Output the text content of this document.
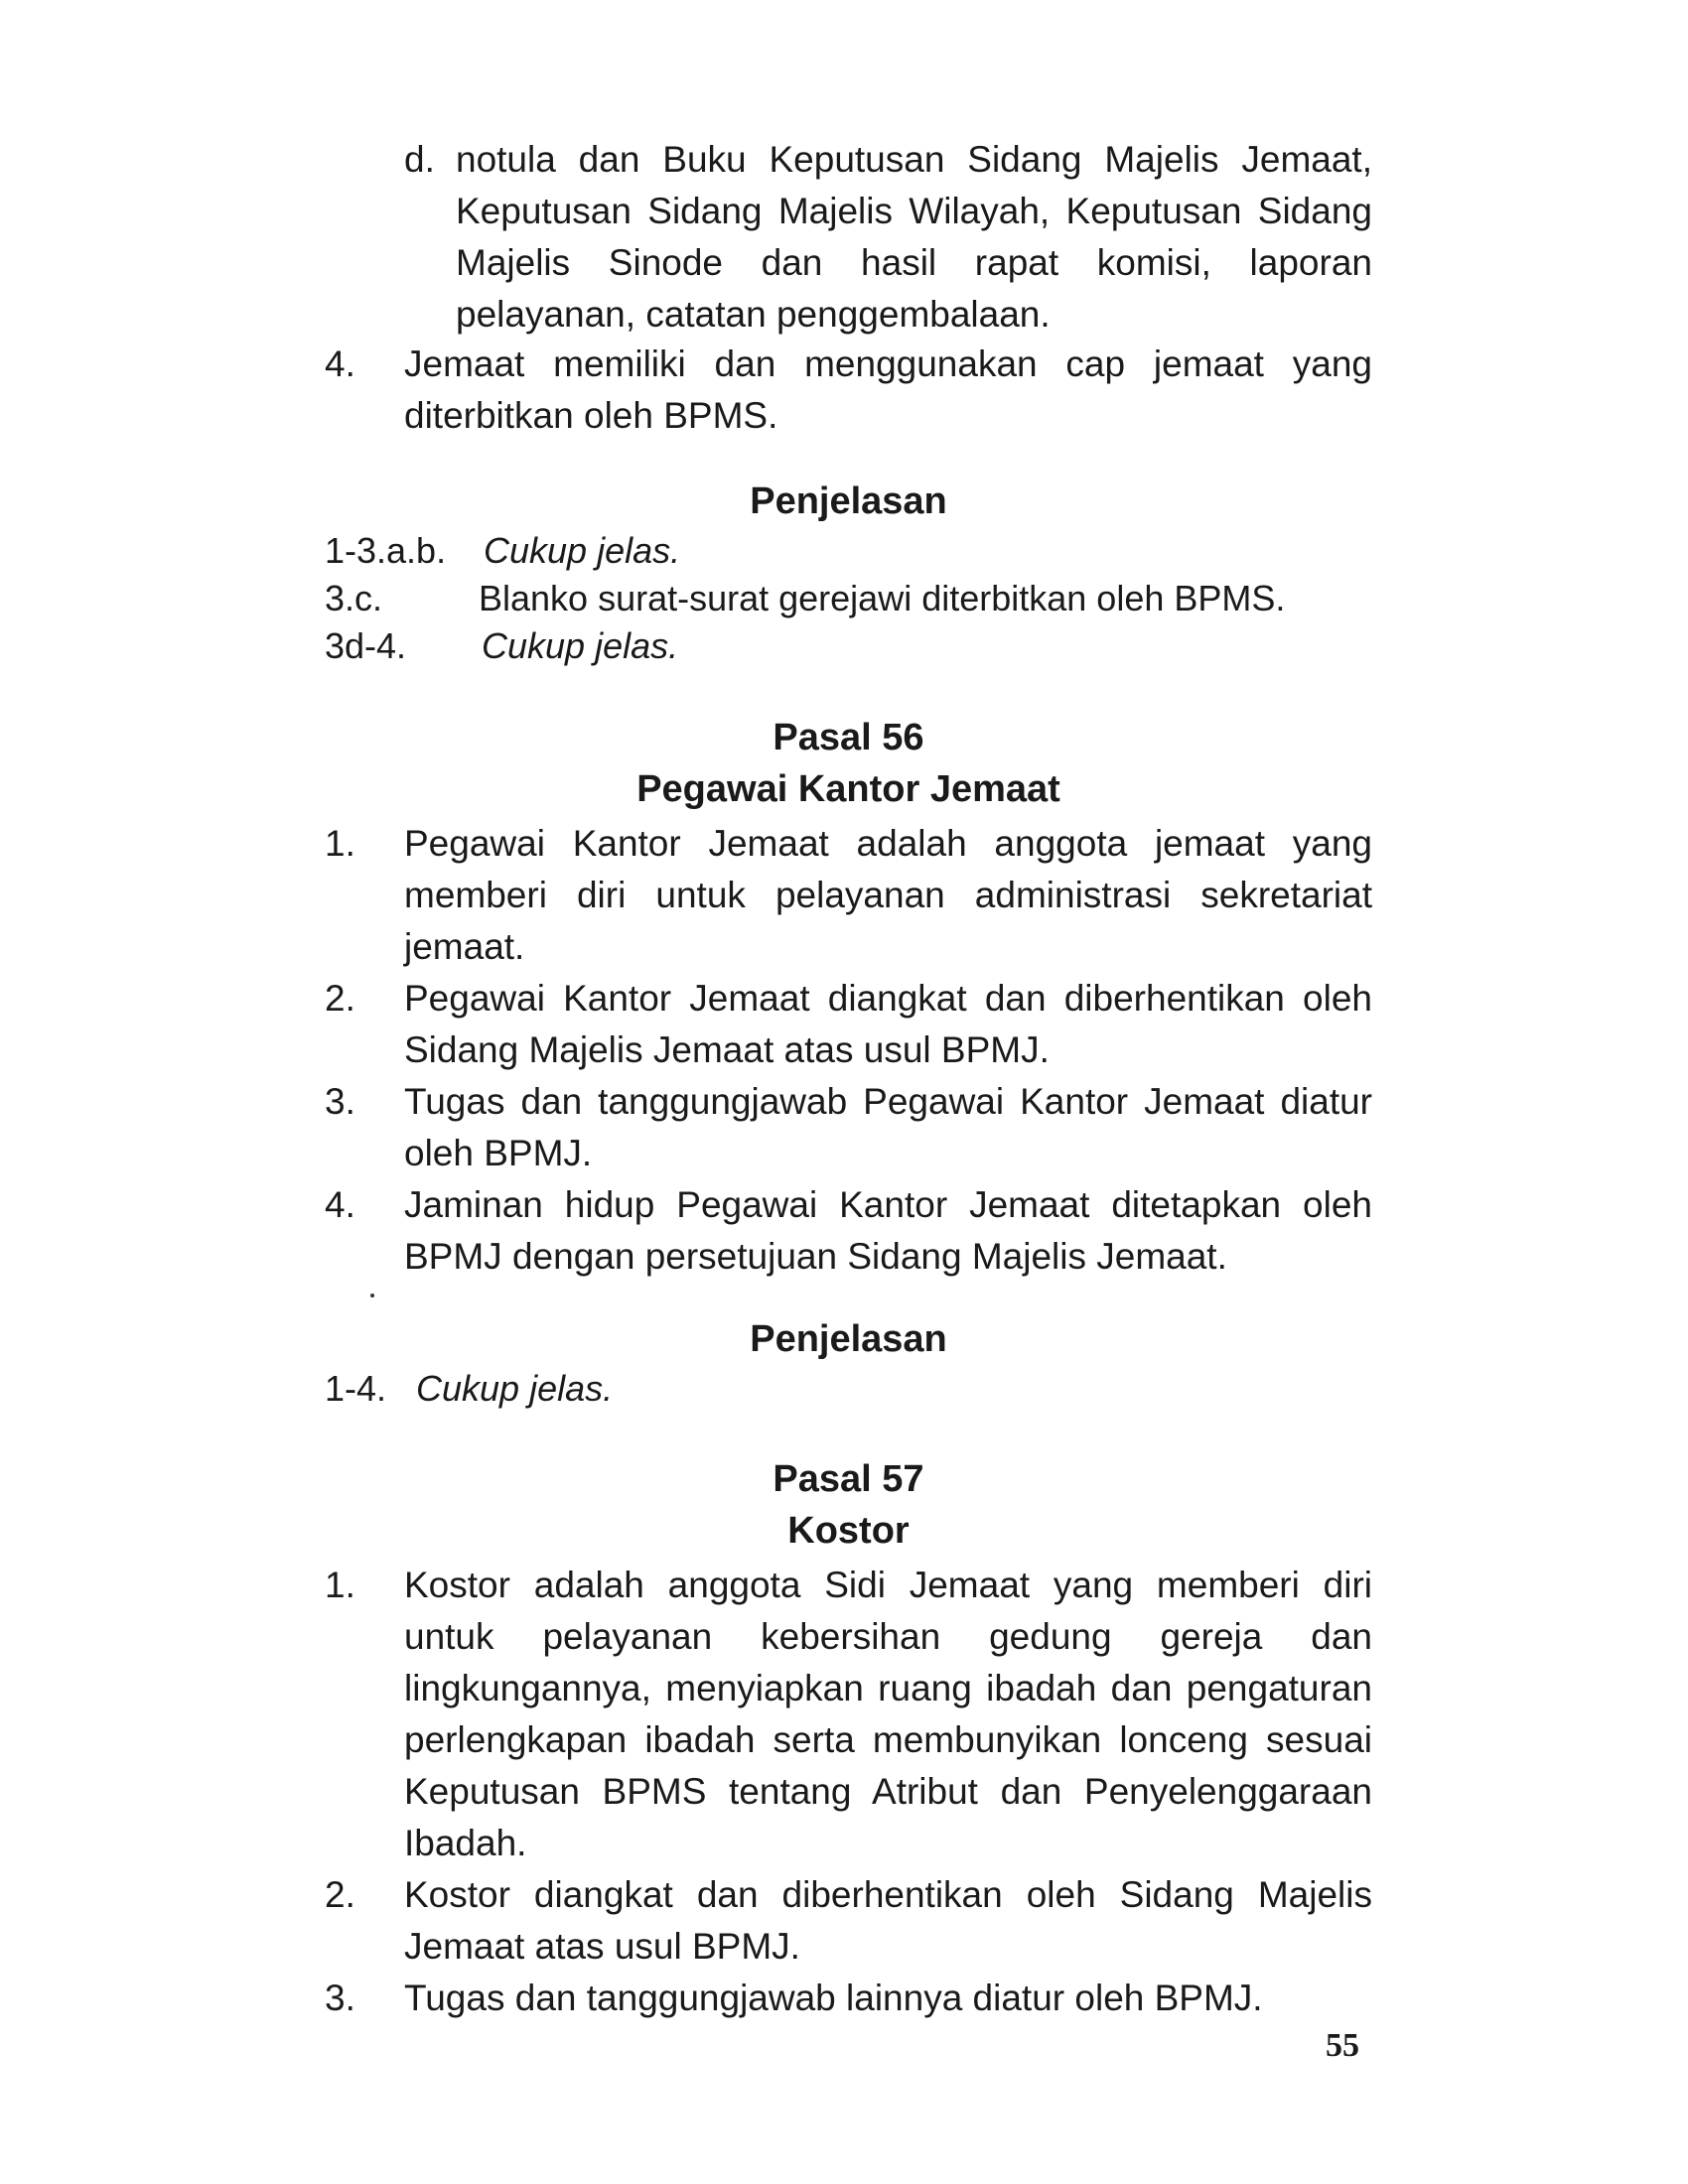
d. notula dan Buku Keputusan Sidang Majelis Jemaat, Keputusan Sidang Majelis Wilayah, Keputusan Sidang Majelis Sinode dan hasil rapat komisi, laporan pelayanan, catatan penggembalaan.
4.	Jemaat memiliki dan menggunakan cap jemaat yang diterbitkan oleh BPMS.
Penjelasan
1-3.a.b. Cukup jelas.
3.c.	Blanko surat-surat gerejawi diterbitkan oleh BPMS.
3d-4. Cukup jelas.
Pasal 56
Pegawai Kantor Jemaat
1.	Pegawai Kantor Jemaat adalah anggota jemaat yang memberi diri untuk pelayanan administrasi sekretariat jemaat.
2.	Pegawai Kantor Jemaat diangkat dan diberhentikan oleh Sidang Majelis Jemaat atas usul BPMJ.
3.	Tugas dan tanggungjawab Pegawai Kantor Jemaat diatur oleh BPMJ.
4.	Jaminan hidup Pegawai Kantor Jemaat ditetapkan oleh BPMJ dengan persetujuan Sidang Majelis Jemaat.
Penjelasan
1-4. Cukup jelas.
Pasal 57
Kostor
1.	Kostor adalah anggota Sidi Jemaat yang memberi diri untuk pelayanan kebersihan gedung gereja dan lingkungannya, menyiapkan ruang ibadah dan pengaturan perlengkapan ibadah serta membunyikan lonceng sesuai Keputusan BPMS tentang Atribut dan Penyelenggaraan Ibadah.
2.	Kostor diangkat dan diberhentikan oleh Sidang Majelis Jemaat atas usul BPMJ.
3.	Tugas dan tanggungjawab lainnya diatur oleh BPMJ.
55
